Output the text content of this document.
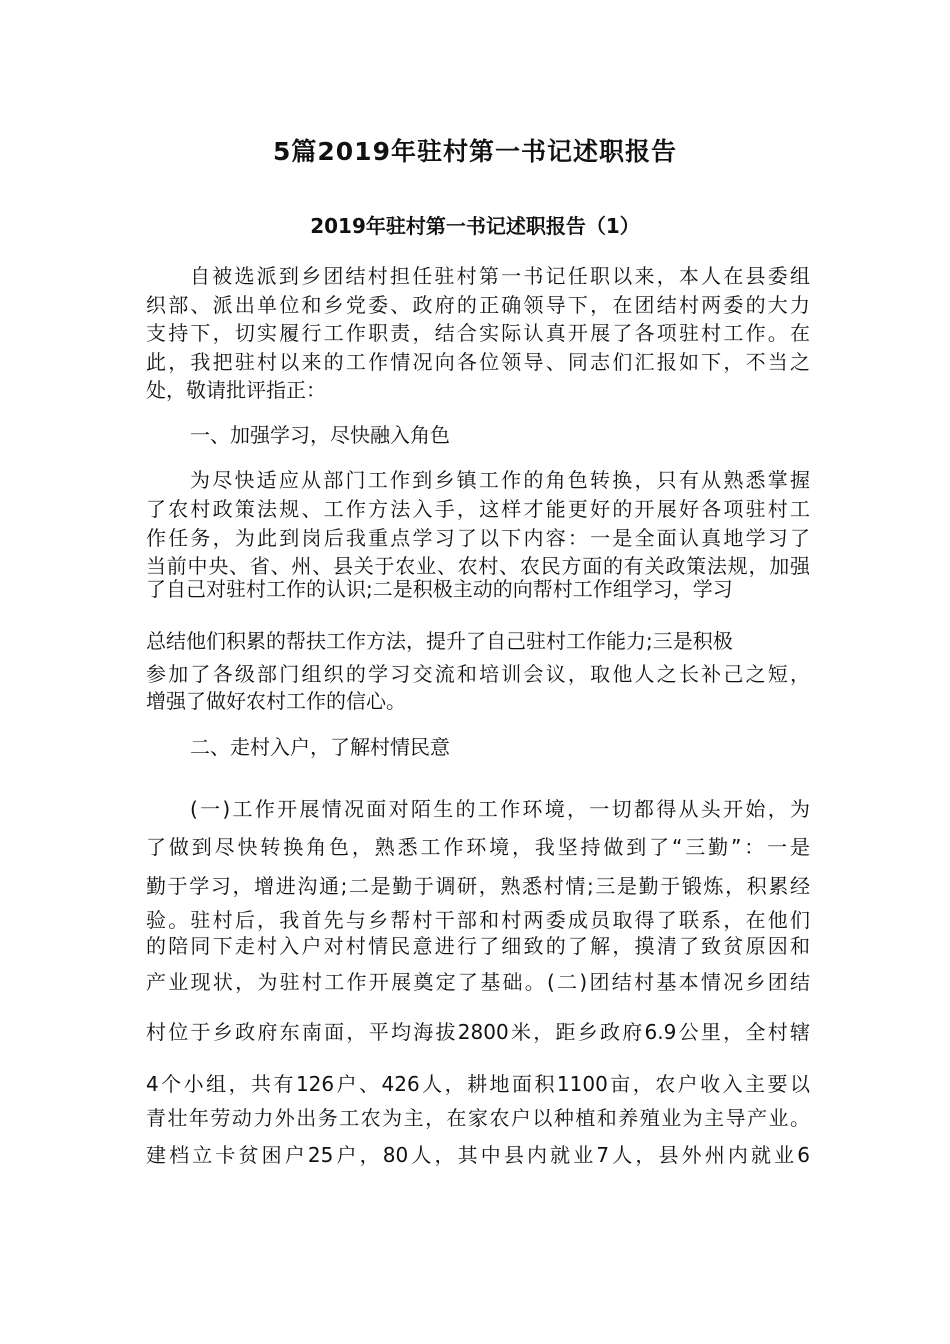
5篇2019年驻村第一书记述职报告
2019年驻村第一书记述职报告（1）
自被选派到乡团结村担任驻村第一书记任职以来，本人在县委组
织部、派出单位和乡党委、政府的正确领导下，在团结村两委的大力
支持下，切实履行工作职责，结合实际认真开展了各项驻村工作。在
此，我把驻村以来的工作情况向各位领导、同志们汇报如下，不当之
处，敬请批评指正：
一、加强学习，尽快融入角色
为尽快适应从部门工作到乡镇工作的角色转换，只有从熟悉掌握
了农村政策法规、工作方法入手，这样才能更好的开展好各项驻村工
作任务，为此到岗后我重点学习了以下内容：一是全面认真地学习了
当前中央、省、州、县关于农业、农村、农民方面的有关政策法规，加强
了自己对驻村工作的认识;二是积极主动的向帮村工作组学习，学习
总结他们积累的帮扶工作方法，提升了自己驻村工作能力;三是积极
参加了各级部门组织的学习交流和培训会议，取他人之长补己之短，
增强了做好农村工作的信心。
二、走村入户，了解村情民意
(一)工作开展情况面对陌生的工作环境，一切都得从头开始，为
了做到尽快转换角色，熟悉工作环境，我坚持做到了“三勤”：一是
勤于学习，增进沟通;二是勤于调研，熟悉村情;三是勤于锻炼，积累经
验。驻村后，我首先与乡帮村干部和村两委成员取得了联系，在他们
的陪同下走村入户对村情民意进行了细致的了解，摸清了致贫原因和
产业现状，为驻村工作开展奠定了基础。(二)团结村基本情况乡团结
村位于乡政府东南面，平均海拔2800米，距乡政府6.9公里，全村辖
4个小组，共有126户、426人，耕地面积1100亩，农户收入主要以
青壮年劳动力外出务工农为主，在家农户以种植和养殖业为主导产业。
建档立卡贫困户25户，80人，其中县内就业7人，县外州内就业6
